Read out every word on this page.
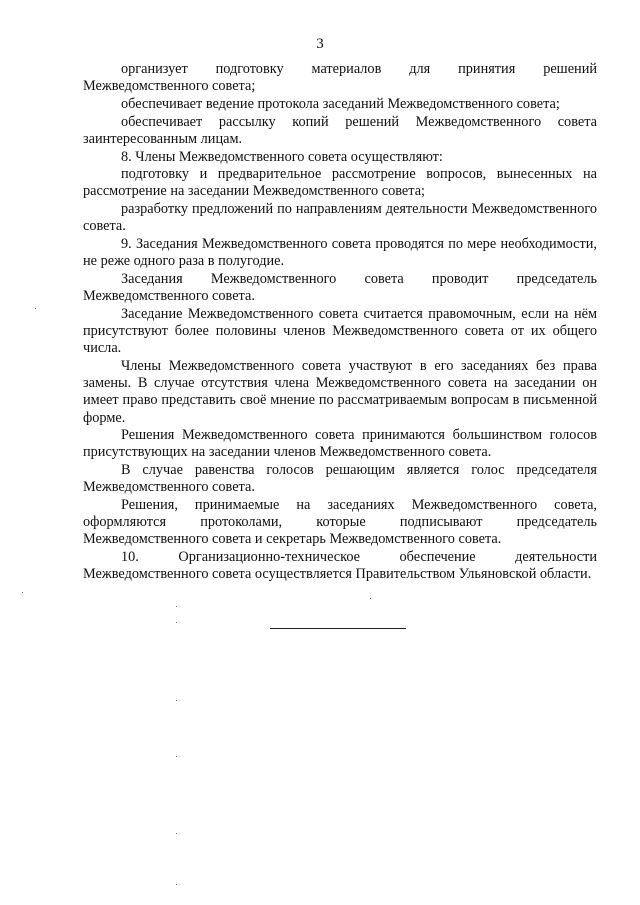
3

организует подготовку материалов для принятия решений Межведомственного совета;

обеспечивает ведение протокола заседаний Межведомственного совета;

обеспечивает рассылку копий решений Межведомственного совета заинтересованным лицам.

8. Члены Межведомственного совета осуществляют:

подготовку и предварительное рассмотрение вопросов, вынесенных на рассмотрение на заседании Межведомственного совета;

разработку предложений по направлениям деятельности Межведомственного совета.

9. Заседания Межведомственного совета проводятся по мере необходимости, не реже одного раза в полугодие.

Заседания Межведомственного совета проводит председатель Межведомственного совета.

Заседание Межведомственного совета считается правомочным, если на нём присутствуют более половины членов Межведомственного совета от их общего числа.

Члены Межведомственного совета участвуют в его заседаниях без права замены. В случае отсутствия члена Межведомственного совета на заседании он имеет право представить своё мнение по рассматриваемым вопросам в письменной форме.

Решения Межведомственного совета принимаются большинством голосов присутствующих на заседании членов Межведомственного совета.

В случае равенства голосов решающим является голос председателя Межведомственного совета.

Решения, принимаемые на заседаниях Межведомственного совета, оформляются протоколами, которые подписывают председатель Межведомственного совета и секретарь Межведомственного совета.

10. Организационно-техническое обеспечение деятельности Межведомственного совета осуществляется Правительством Ульяновской области.
